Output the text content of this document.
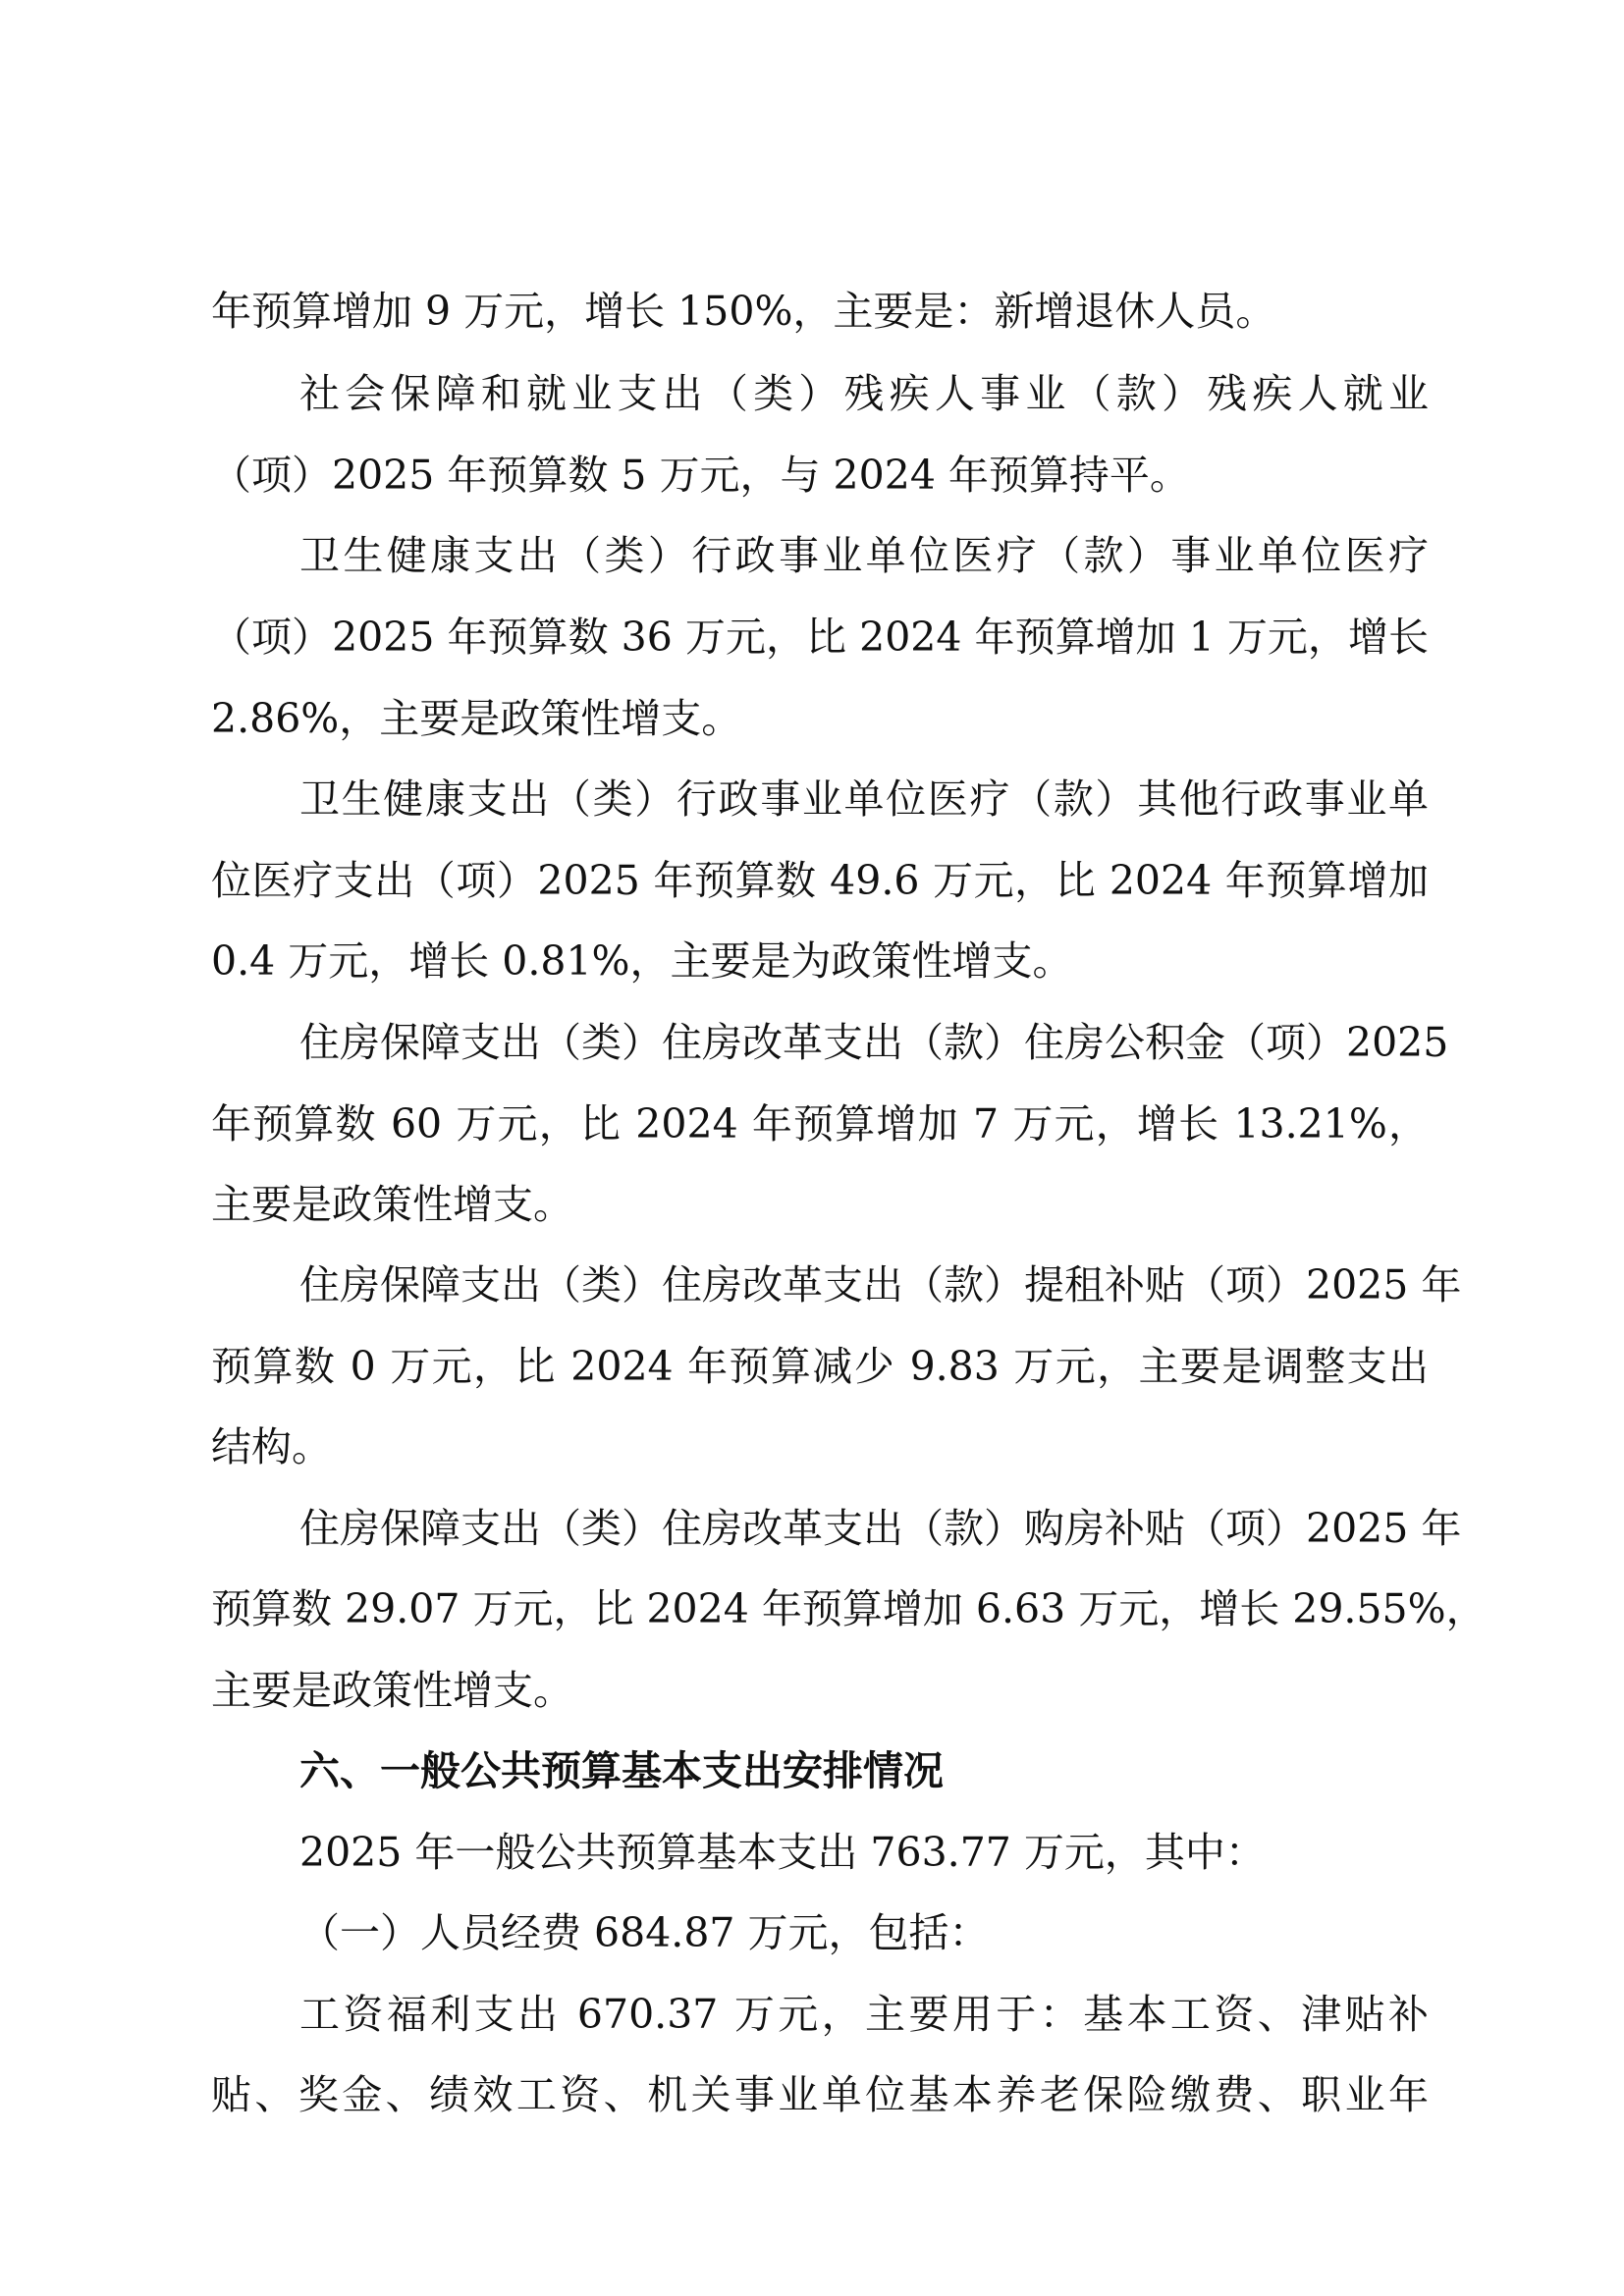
年预算增加 9 万元，增长 150%，主要是：新增退休人员。
社会保障和就业支出（类）残疾人事业（款）残疾人就业
（项）2025 年预算数 5 万元，与 2024 年预算持平。
卫生健康支出（类）行政事业单位医疗（款）事业单位医疗
（项）2025 年预算数 36 万元，比 2024 年预算增加 1 万元，增长
2.86%，主要是政策性增支。
卫生健康支出（类）行政事业单位医疗（款）其他行政事业单
位医疗支出（项）2025 年预算数 49.6 万元，比 2024 年预算增加
0.4 万元，增长 0.81%，主要是为政策性增支。
住房保障支出（类）住房改革支出（款）住房公积金（项）2025
年预算数 60 万元，比 2024 年预算增加 7 万元，增长 13.21%，
主要是政策性增支。
住房保障支出（类）住房改革支出（款）提租补贴（项）2025 年
预算数 0 万元，比 2024 年预算减少 9.83 万元，主要是调整支出
结构。
住房保障支出（类）住房改革支出（款）购房补贴（项）2025 年
预算数 29.07 万元，比 2024 年预算增加 6.63 万元，增长 29.55%，
主要是政策性增支。
六、一般公共预算基本支出安排情况
2025 年一般公共预算基本支出 763.77 万元，其中：
（一）人员经费 684.87 万元，包括：
工资福利支出 670.37 万元，主要用于：基本工资、津贴补
贴、奖金、绩效工资、机关事业单位基本养老保险缴费、职业年
